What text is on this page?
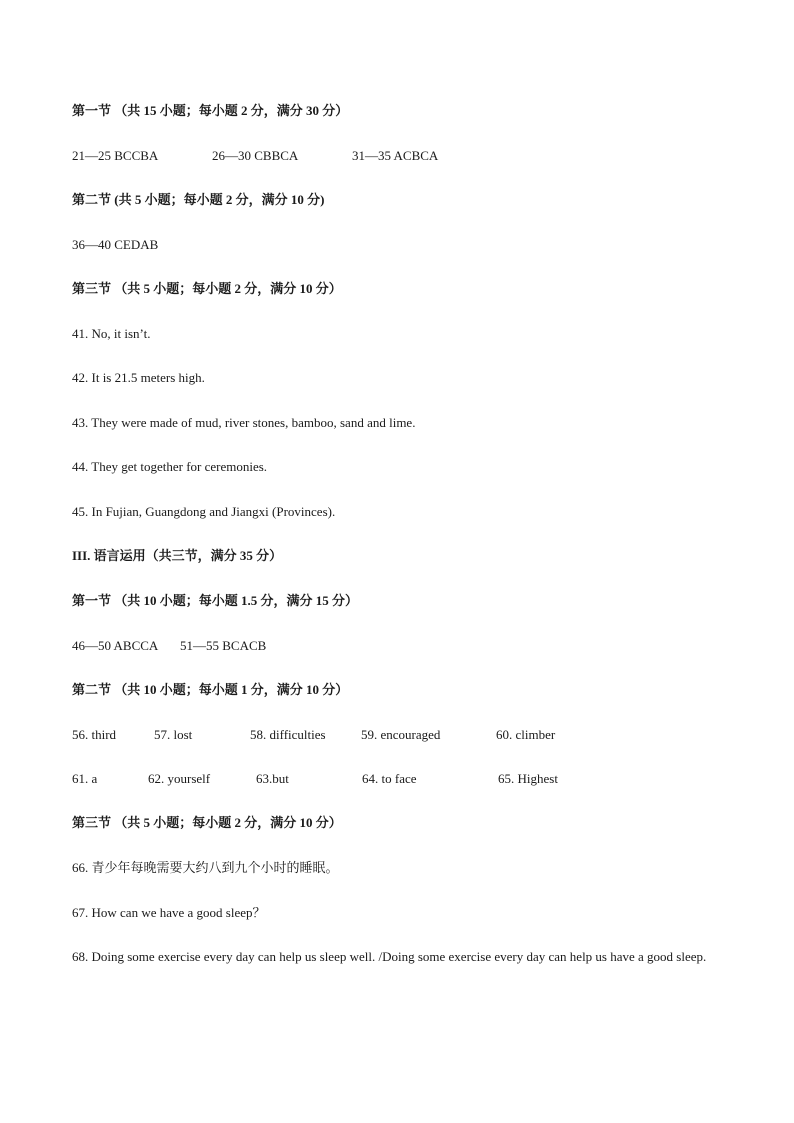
第一节 （共 15 小题；每小题 2 分，满分 30 分）
21—25 BCCBA	26—30 CBBCA	31—35 ACBCA
第二节 (共 5 小题；每小题 2 分，满分 10 分)
36—40 CEDAB
第三节 （共 5 小题；每小题 2 分，满分 10 分）
41. No, it isn’t.
42. It is 21.5 meters high.
43. They were made of mud, river stones, bamboo, sand and lime.
44. They get together for ceremonies.
45. In Fujian, Guangdong and Jiangxi (Provinces).
III. 语言运用（共三节，满分 35 分）
第一节 （共 10 小题；每小题 1.5 分，满分 15 分）
46—50 ABCCA 51—55 BCACB
第二节 （共 10 小题；每小题 1 分，满分 10 分）
56. third	57. lost	58. difficulties	59. encouraged	60. climber
61. a	62. yourself	63.but	64. to face	65. Highest
第三节 （共 5 小题；每小题 2 分，满分 10 分）
66. 青少年每晚需要大约八到九个小时的睡眠。
67. How can we have a good sleep？
68. Doing some exercise every day can help us sleep well. /Doing some exercise every day can help us have a good sleep.
